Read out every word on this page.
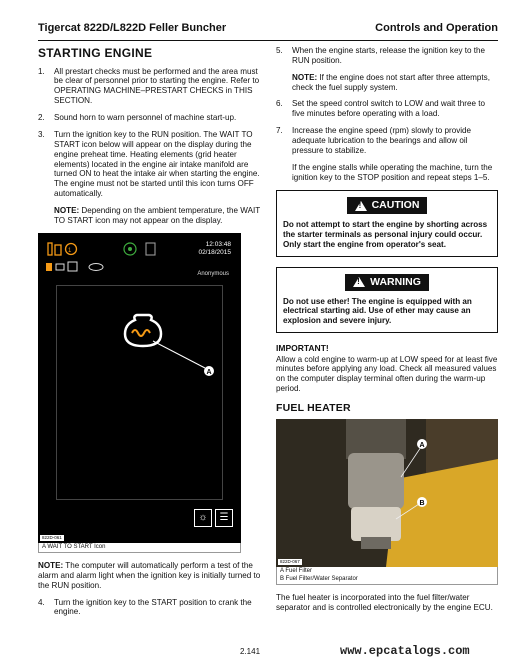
Tigercat 822D/L822D Feller Buncher	Controls and Operation
STARTING ENGINE
1. All prestart checks must be performed and the area must be clear of personnel prior to starting the engine. Refer to OPERATING MACHINE–PRESTART CHECKS in THIS SECTION.
2. Sound horn to warn personnel of machine start-up.
3. Turn the ignition key to the RUN position. The WAIT TO START icon below will appear on the display during the engine preheat time. Heating elements (grid heater elements) located in the engine air intake manifold are turned ON to heat the intake air when starting the engine. The engine must not be started until this icon turns OFF automatically.

NOTE: Depending on the ambient temperature, the WAIT TO START icon may not appear on the display.

1
12:03:48
02/18/2015
Anonymous
A
☼ ☰
822D-061
A WAIT TO START Icon

NOTE: The computer will automatically perform a test of the alarm and alarm light when the ignition key is initially turned to the RUN position.

4. Turn the ignition key to the START position to crank the engine.
5. When the engine starts, release the ignition key to the RUN position.

NOTE: If the engine does not start after three attempts, check the fuel supply system.

6. Set the speed control switch to LOW and wait three to five minutes before operating with a load.
7. Increase the engine speed (rpm) slowly to provide adequate lubrication to the bearings and allow oil pressure to stabilize.

If the engine stalls while operating the machine, turn the ignition key to the STOP position and repeat steps 1–5.

!
CAUTION
Do not attempt to start the engine by shorting across the starter terminals as personal injury could occur. Only start the engine from operator's seat.
!
WARNING
Do not use ether! The engine is equipped with an electrical starting aid. Use of ether may cause an explosion and severe injury.
IMPORTANT!
Allow a cold engine to warm-up at LOW speed for at least five minutes before applying any load. Check all measured values on the computer display terminal often during the warm-up period.
FUEL HEATER
A
B
822D-067
A Fuel Filter
B Fuel Filter/Water Separator

The fuel heater is incorporated into the fuel filter/water separator and is controlled electronically by the engine ECU.

2.141	www.epcatalogs.com
